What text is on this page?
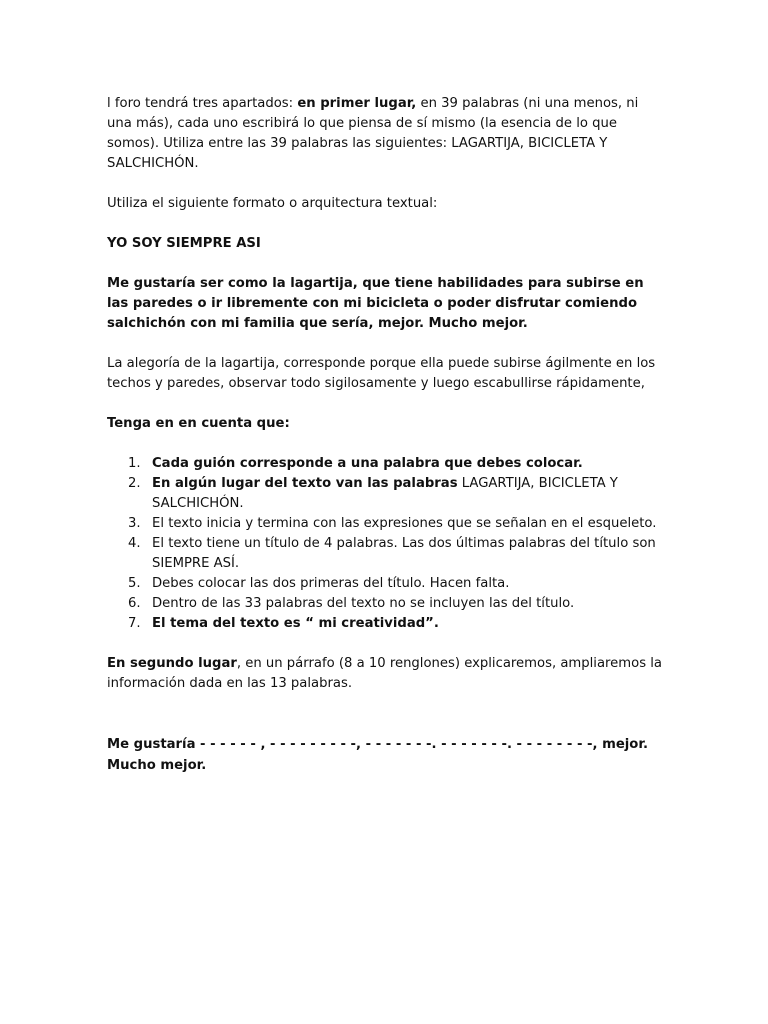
l foro tendrá tres apartados: en primer lugar, en 39 palabras (ni una menos, ni una más), cada uno escribirá lo que piensa de sí mismo (la esencia de lo que somos). Utiliza entre las 39 palabras las siguientes: LAGARTIJA, BICICLETA Y SALCHICHÓN.

Utiliza el siguiente formato o arquitectura textual:

YO SOY SIEMPRE ASI

Me gustaría ser como la lagartija, que tiene habilidades para subirse en las paredes o ir libremente con mi bicicleta o poder disfrutar comiendo salchichón con mi familia que sería, mejor. Mucho mejor.

La alegoría de la lagartija, corresponde porque ella puede subirse ágilmente en los techos y paredes, observar todo sigilosamente y luego escabullirse rápidamente,

Tenga en en cuenta que:

1. Cada guión corresponde a una palabra que debes colocar.
2. En algún lugar del texto van las palabras LAGARTIJA, BICICLETA Y SALCHICHÓN.
3. El texto inicia y termina con las expresiones que se señalan en el esqueleto.
4. El texto tiene un título de 4 palabras. Las dos últimas palabras del título son SIEMPRE ASÍ.
5. Debes colocar las dos primeras del título. Hacen falta.
6. Dentro de las 33 palabras del texto no se incluyen las del título.
7. El tema del texto es “ mi creatividad”.

En segundo lugar, en un párrafo (8 a 10 renglones) explicaremos, ampliaremos la información dada en las 13 palabras.

Me gustaría - - - - - - , - - - - - - - - -, - - - - - - -. - - - - - - -. - - - - - - - -, mejor. Mucho mejor.
